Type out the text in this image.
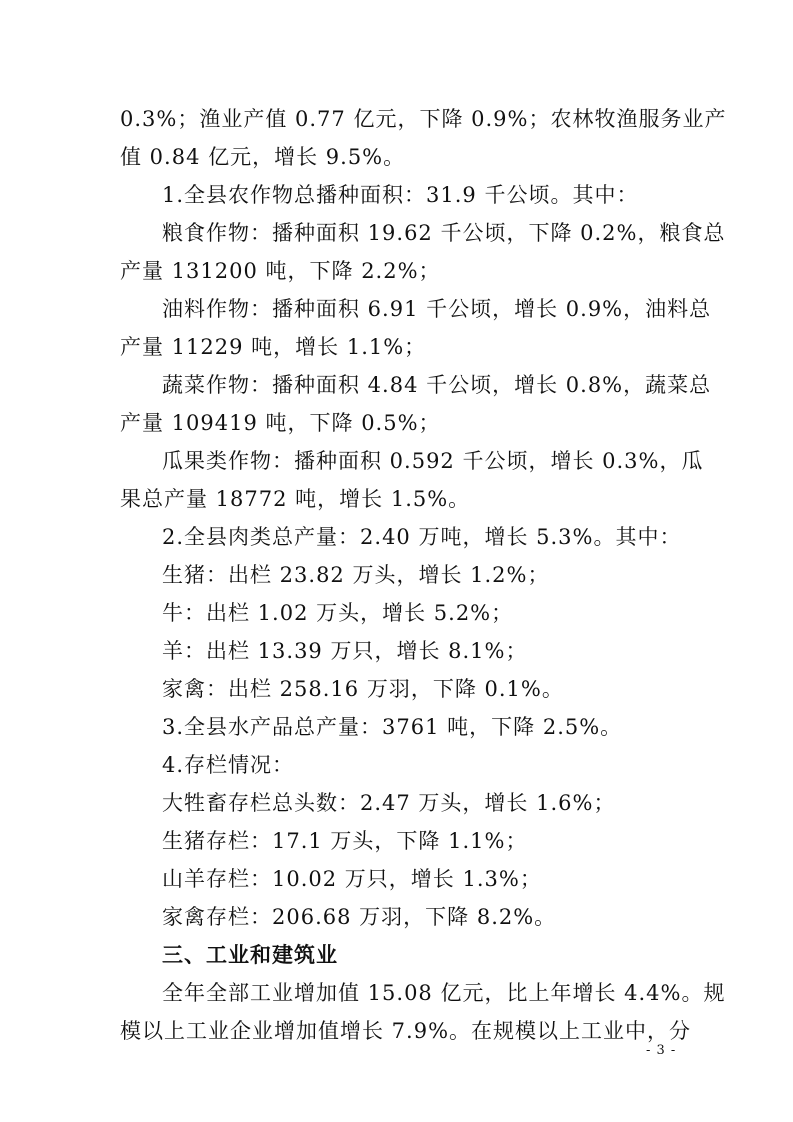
0.3%；渔业产值 0.77 亿元，下降 0.9%；农林牧渔服务业产
值 0.84 亿元，增长 9.5%。
1.全县农作物总播种面积：31.9 千公顷。其中：
粮食作物：播种面积 19.62 千公顷，下降 0.2%，粮食总
产量 131200 吨，下降 2.2%；
油料作物：播种面积 6.91 千公顷，增长 0.9%，油料总
产量 11229 吨，增长 1.1%；
蔬菜作物：播种面积 4.84 千公顷，增长 0.8%，蔬菜总
产量 109419 吨，下降 0.5%；
瓜果类作物：播种面积 0.592 千公顷，增长 0.3%，瓜
果总产量 18772 吨，增长 1.5%。
2.全县肉类总产量：2.40 万吨，增长 5.3%。其中：
生猪：出栏 23.82 万头，增长 1.2%；
牛：出栏 1.02 万头，增长 5.2%；
羊：出栏 13.39 万只，增长 8.1%；
家禽：出栏 258.16 万羽，下降 0.1%。
3.全县水产品总产量：3761 吨，下降 2.5%。
4.存栏情况：
大牲畜存栏总头数：2.47 万头，增长 1.6%；
生猪存栏：17.1 万头，下降 1.1%；
山羊存栏：10.02 万只，增长 1.3%；
家禽存栏：206.68 万羽，下降 8.2%。
三、工业和建筑业
全年全部工业增加值 15.08 亿元，比上年增长 4.4%。规
模以上工业企业增加值增长 7.9%。在规模以上工业中，分
- 3 -
